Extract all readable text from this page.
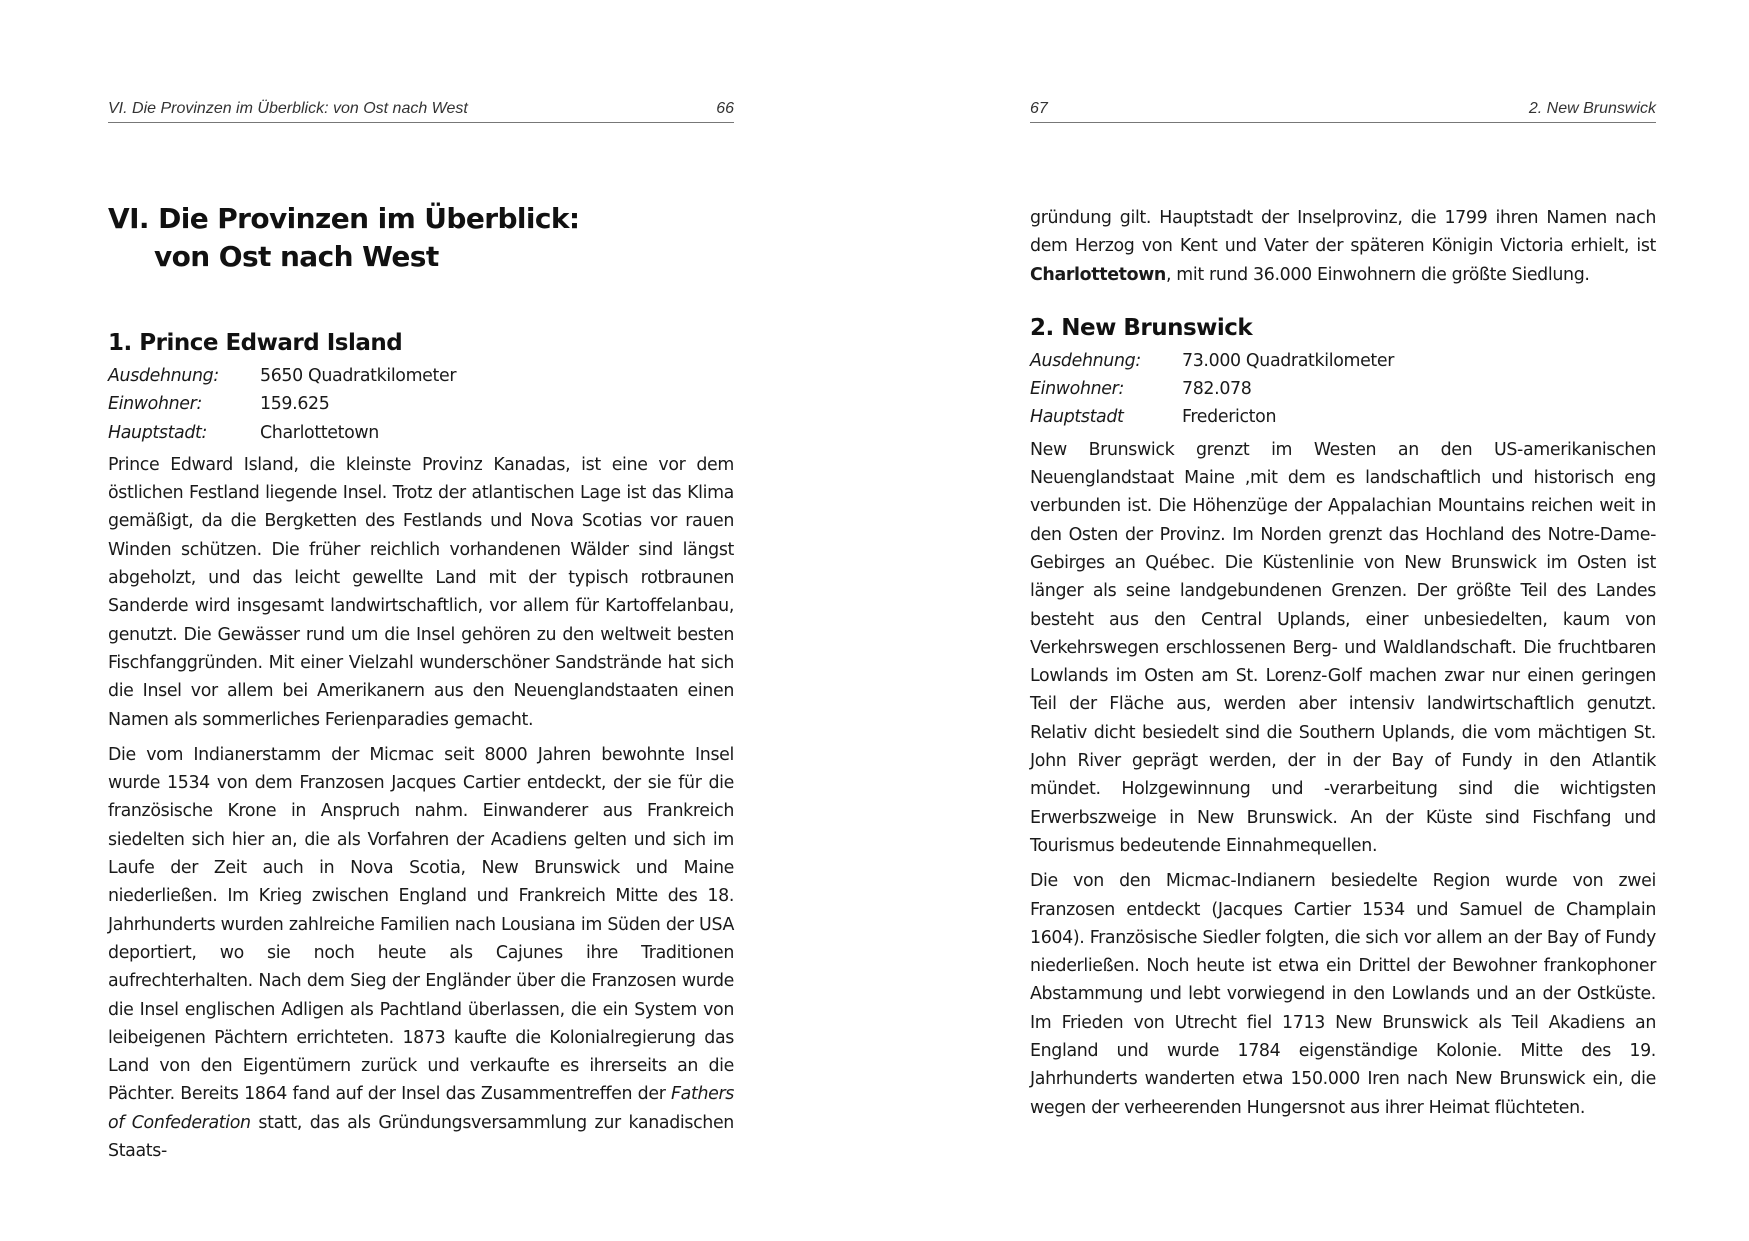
VI. Die Provinzen im Überblick: von Ost nach West	66
VI. Die Provinzen im Überblick:
von Ost nach West
1. Prince Edward Island
Ausdehnung:	5650 Quadratkilometer
Einwohner:	159.625
Hauptstadt:	Charlottetown

Prince Edward Island, die kleinste Provinz Kanadas, ist eine vor dem östlichen Festland liegende Insel. Trotz der atlantischen Lage ist das Klima gemäßigt, da die Bergketten des Festlands und Nova Scotias vor rauen Winden schützen. Die früher reichlich vorhandenen Wälder sind längst abgeholzt, und das leicht gewellte Land mit der typisch rotbraunen Sanderde wird insgesamt landwirtschaftlich, vor allem für Kartoffelanbau, genutzt. Die Gewässer rund um die Insel gehören zu den weltweit besten Fischfanggründen. Mit einer Vielzahl wunderschöner Sandstrände hat sich die Insel vor allem bei Amerikanern aus den Neuenglandstaaten einen Namen als sommerliches Ferienparadies gemacht.

Die vom Indianerstamm der Micmac seit 8000 Jahren bewohnte Insel wurde 1534 von dem Franzosen Jacques Cartier entdeckt, der sie für die französische Krone in Anspruch nahm. Einwanderer aus Frankreich siedelten sich hier an, die als Vorfahren der Acadiens gelten und sich im Laufe der Zeit auch in Nova Scotia, New Brunswick und Maine niederließen. Im Krieg zwischen England und Frankreich Mitte des 18. Jahrhunderts wurden zahlreiche Familien nach Lousiana im Süden der USA deportiert, wo sie noch heute als Cajunes ihre Traditionen aufrechterhalten. Nach dem Sieg der Engländer über die Franzosen wurde die Insel englischen Adligen als Pachtland überlassen, die ein System von leibeigenen Pächtern errichteten. 1873 kaufte die Kolonialregierung das Land von den Eigentümern zurück und verkaufte es ihrerseits an die Pächter. Bereits 1864 fand auf der Insel das Zusammentreffen der Fathers of Confederation statt, das als Gründungsversammlung zur kanadischen Staats-

67	2. New Brunswick

gründung gilt. Hauptstadt der Inselprovinz, die 1799 ihren Namen nach dem Herzog von Kent und Vater der späteren Königin Victoria erhielt, ist Charlottetown, mit rund 36.000 Einwohnern die größte Siedlung.

2. New Brunswick
Ausdehnung:	73.000 Quadratkilometer
Einwohner:	782.078
Hauptstadt	Fredericton

New Brunswick grenzt im Westen an den US-amerikanischen Neuenglandstaat Maine ,mit dem es landschaftlich und historisch eng verbunden ist. Die Höhenzüge der Appalachian Mountains reichen weit in den Osten der Provinz. Im Norden grenzt das Hochland des Notre-Dame-Gebirges an Québec. Die Küstenlinie von New Brunswick im Osten ist länger als seine landgebundenen Grenzen. Der größte Teil des Landes besteht aus den Central Uplands, einer unbesiedelten, kaum von Verkehrswegen erschlossenen Berg- und Waldlandschaft. Die fruchtbaren Lowlands im Osten am St. Lorenz-Golf machen zwar nur einen geringen Teil der Fläche aus, werden aber intensiv landwirtschaftlich genutzt. Relativ dicht besiedelt sind die Southern Uplands, die vom mächtigen St. John River geprägt werden, der in der Bay of Fundy in den Atlantik mündet. Holzgewinnung und -verarbeitung sind die wichtigsten Erwerbszweige in New Brunswick. An der Küste sind Fischfang und Tourismus bedeutende Einnahmequellen.

Die von den Micmac-Indianern besiedelte Region wurde von zwei Franzosen entdeckt (Jacques Cartier 1534 und Samuel de Champlain 1604). Französische Siedler folgten, die sich vor allem an der Bay of Fundy niederließen. Noch heute ist etwa ein Drittel der Bewohner frankophoner Abstammung und lebt vorwiegend in den Lowlands und an der Ostküste. Im Frieden von Utrecht fiel 1713 New Brunswick als Teil Akadiens an England und wurde 1784 eigenständige Kolonie. Mitte des 19. Jahrhunderts wanderten etwa 150.000 Iren nach New Brunswick ein, die wegen der verheerenden Hungersnot aus ihrer Heimat flüchteten.
